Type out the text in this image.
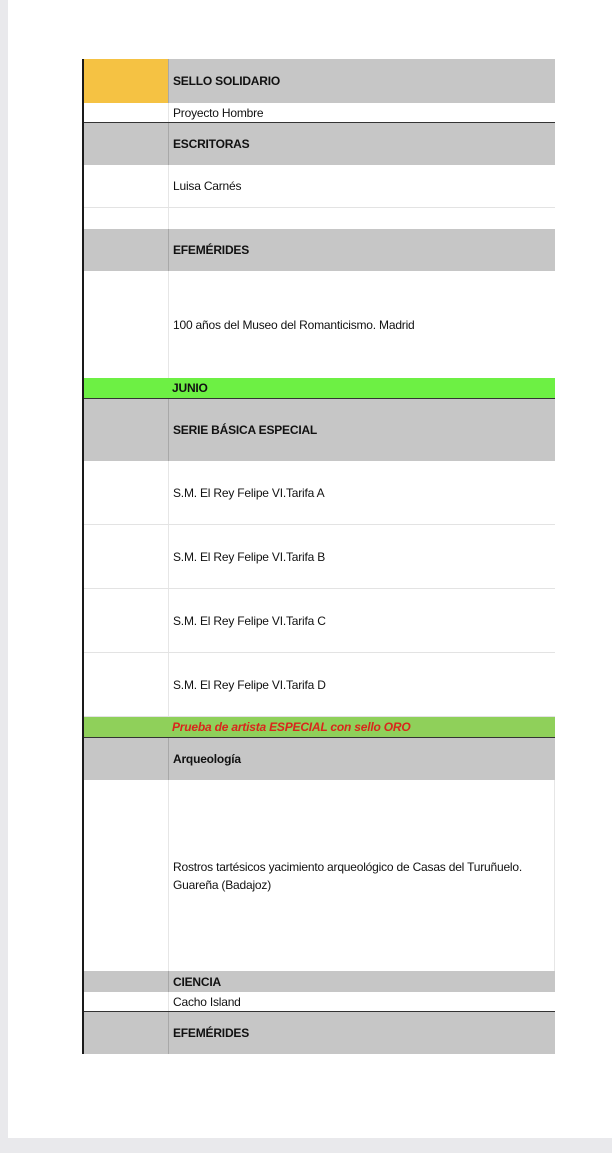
SELLO SOLIDARIO
Proyecto Hombre
ESCRITORAS
Luisa Carnés
EFEMÉRIDES
100 años del Museo del Romanticismo. Madrid
JUNIO
SERIE BÁSICA ESPECIAL
S.M. El Rey Felipe VI.Tarifa A
S.M. El Rey Felipe VI.Tarifa B
S.M. El Rey Felipe VI.Tarifa C
S.M. El Rey Felipe VI.Tarifa D
Prueba de artista ESPECIAL con sello ORO
Arqueología
Rostros tartésicos yacimiento arqueológico de Casas del Turuñuelo. Guareña (Badajoz)
CIENCIA
Cacho Island
EFEMÉRIDES
